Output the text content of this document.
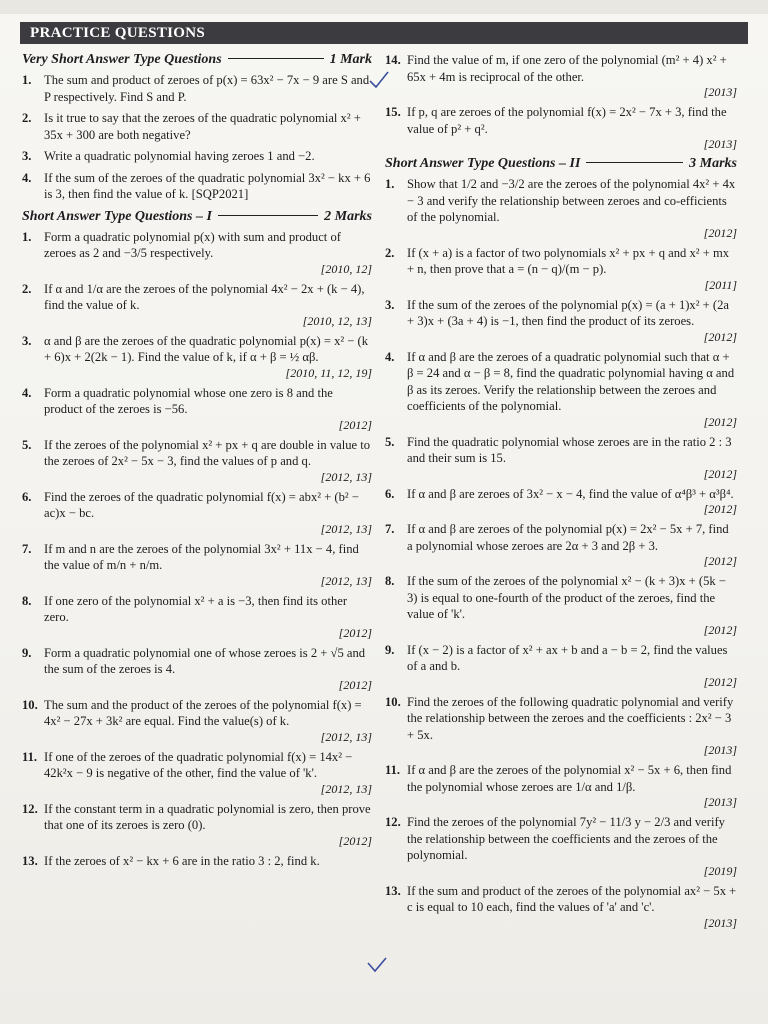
PRACTICE QUESTIONS
Very Short Answer Type Questions	1 Mark
1. The sum and product of zeroes of p(x) = 63x² − 7x − 9 are S and P respectively. Find S and P.
2. Is it true to say that the zeroes of the quadratic polynomial x² + 35x + 300 are both negative?
3. Write a quadratic polynomial having zeroes 1 and −2.
4. If the sum of the zeroes of the quadratic polynomial 3x² − kx + 6 is 3, then find the value of k. [SQP2021]
Short Answer Type Questions – I	2 Marks
1. Form a quadratic polynomial p(x) with sum and product of zeroes as 2 and −3/5 respectively.
[2010, 12]
2. If α and 1/α are the zeroes of the polynomial 4x² − 2x + (k − 4), find the value of k.
[2010, 12, 13]
3. α and β are the zeroes of the quadratic polynomial p(x) = x² − (k + 6)x + 2(2k − 1). Find the value of k, if α + β = ½ αβ.
[2010, 11, 12, 19]
4. Form a quadratic polynomial whose one zero is 8 and the product of the zeroes is −56.
[2012]
5. If the zeroes of the polynomial x² + px + q are double in value to the zeroes of 2x² − 5x − 3, find the values of p and q.
[2012, 13]
6. Find the zeroes of the quadratic polynomial f(x) = abx² + (b² − ac)x − bc.
[2012, 13]
7. If m and n are the zeroes of the polynomial 3x² + 11x − 4, find the value of m/n + n/m.
[2012, 13]
8. If one zero of the polynomial x² + a is −3, then find its other zero.
[2012]
9. Form a quadratic polynomial one of whose zeroes is 2 + √5 and the sum of the zeroes is 4.
[2012]
10. The sum and the product of the zeroes of the polynomial f(x) = 4x² − 27x + 3k² are equal. Find the value(s) of k.
[2012, 13]
11. If one of the zeroes of the quadratic polynomial f(x) = 14x² − 42k²x − 9 is negative of the other, find the value of 'k'.
[2012, 13]
12. If the constant term in a quadratic polynomial is zero, then prove that one of its zeroes is zero (0).
[2012]
13. If the zeroes of x² − kx + 6 are in the ratio 3 : 2, find k.
14. Find the value of m, if one zero of the polynomial (m² + 4) x² + 65x + 4m is reciprocal of the other.
[2013]
15. If p, q are zeroes of the polynomial f(x) = 2x² − 7x + 3, find the value of p² + q².
[2013]
Short Answer Type Questions – II	3 Marks
1. Show that 1/2 and −3/2 are the zeroes of the polynomial 4x² + 4x − 3 and verify the relationship between zeroes and co-efficients of the polynomial.
[2012]
2. If (x + a) is a factor of two polynomials x² + px + q and x² + mx + n, then prove that a = (n − q)/(m − p).
[2011]
3. If the sum of the zeroes of the polynomial p(x) = (a + 1)x² + (2a + 3)x + (3a + 4) is −1, then find the product of its zeroes.
[2012]
4. If α and β are the zeroes of a quadratic polynomial such that α + β = 24 and α − β = 8, find the quadratic polynomial having α and β as its zeroes. Verify the relationship between the zeroes and coefficients of the polynomial.
[2012]
5. Find the quadratic polynomial whose zeroes are in the ratio 2 : 3 and their sum is 15.
[2012]
6. If α and β are zeroes of 3x² − x − 4, find the value of α⁴β³ + α³β⁴.
[2012]
7. If α and β are zeroes of the polynomial p(x) = 2x² − 5x + 7, find a polynomial whose zeroes are 2α + 3 and 2β + 3.
[2012]
8. If the sum of the zeroes of the polynomial x² − (k + 3)x + (5k − 3) is equal to one-fourth of the product of the zeroes, find the value of 'k'.
[2012]
9. If (x − 2) is a factor of x² + ax + b and a − b = 2, find the values of a and b.
[2012]
10. Find the zeroes of the following quadratic polynomial and verify the relationship between the zeroes and the coefficients : 2x² − 3 + 5x.
[2013]
11. If α and β are the zeroes of the polynomial x² − 5x + 6, then find the polynomial whose zeroes are 1/α and 1/β.
[2013]
12. Find the zeroes of the polynomial 7y² − 11/3 y − 2/3 and verify the relationship between the coefficients and the zeroes of the polynomial.
[2019]
13. If the sum and product of the zeroes of the polynomial ax² − 5x + c is equal to 10 each, find the values of 'a' and 'c'.
[2013]
